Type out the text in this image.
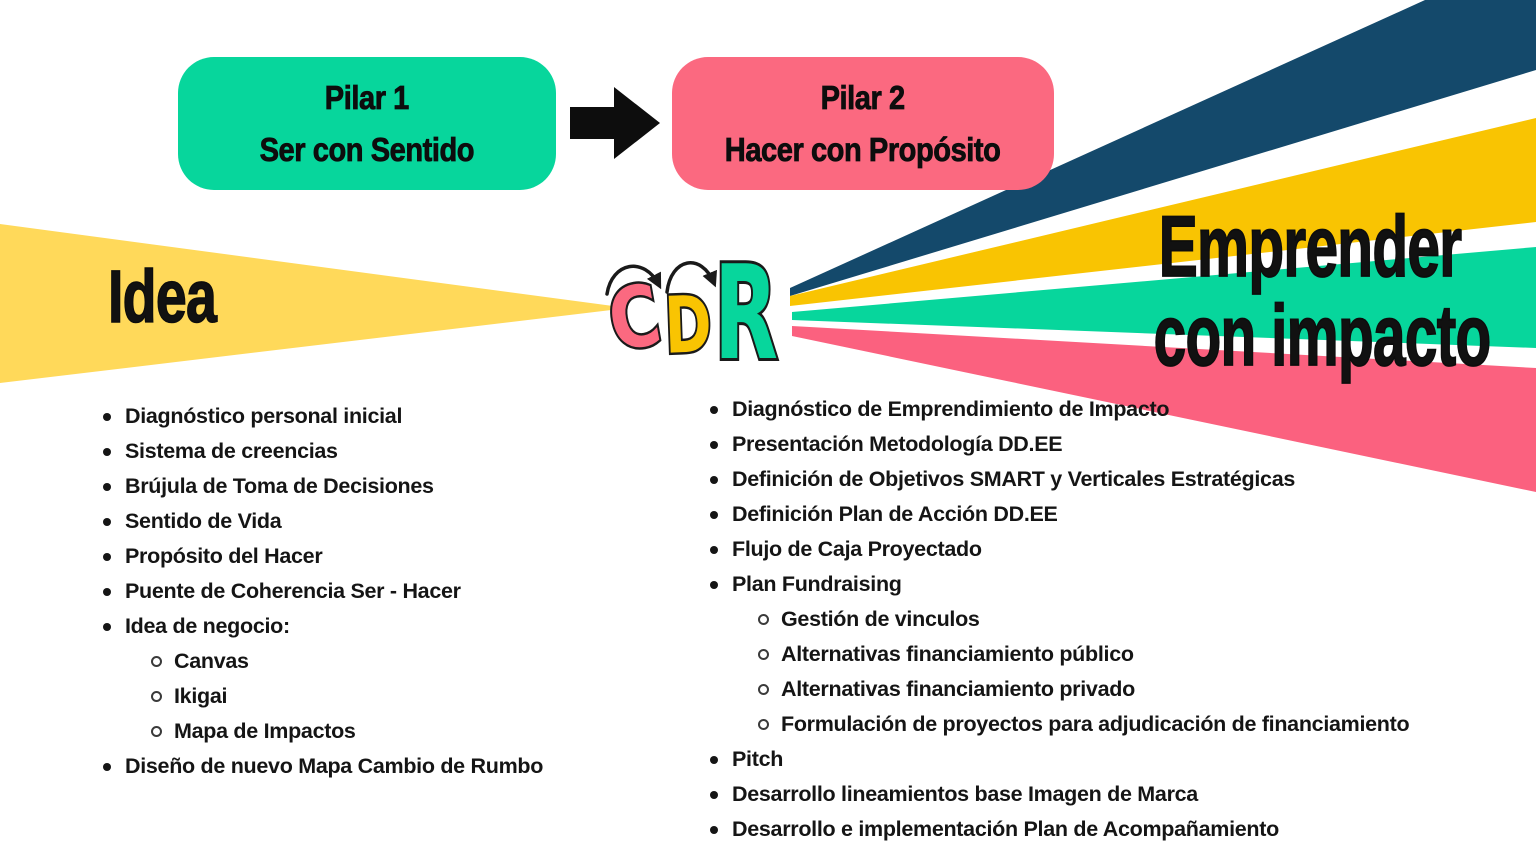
C
D
R
Pilar 1
Ser con Sentido
Pilar 2
Hacer con Propósito
Idea
Emprender
con impacto
Diagnóstico personal inicial
Sistema de creencias
Brújula de Toma de Decisiones
Sentido de Vida
Propósito del Hacer
Puente de Coherencia Ser - Hacer
Idea de negocio:
Canvas
Ikigai
Mapa de Impactos
Diseño de nuevo Mapa Cambio de Rumbo
Diagnóstico de Emprendimiento de Impacto
Presentación Metodología DD.EE
Definición de Objetivos SMART y Verticales Estratégicas
Definición Plan de Acción DD.EE
Flujo de Caja Proyectado
Plan Fundraising
Gestión de vinculos
Alternativas financiamiento público
Alternativas financiamiento privado
Formulación de proyectos para adjudicación de financiamiento
Pitch
Desarrollo lineamientos base Imagen de Marca
Desarrollo e implementación Plan de Acompañamiento
